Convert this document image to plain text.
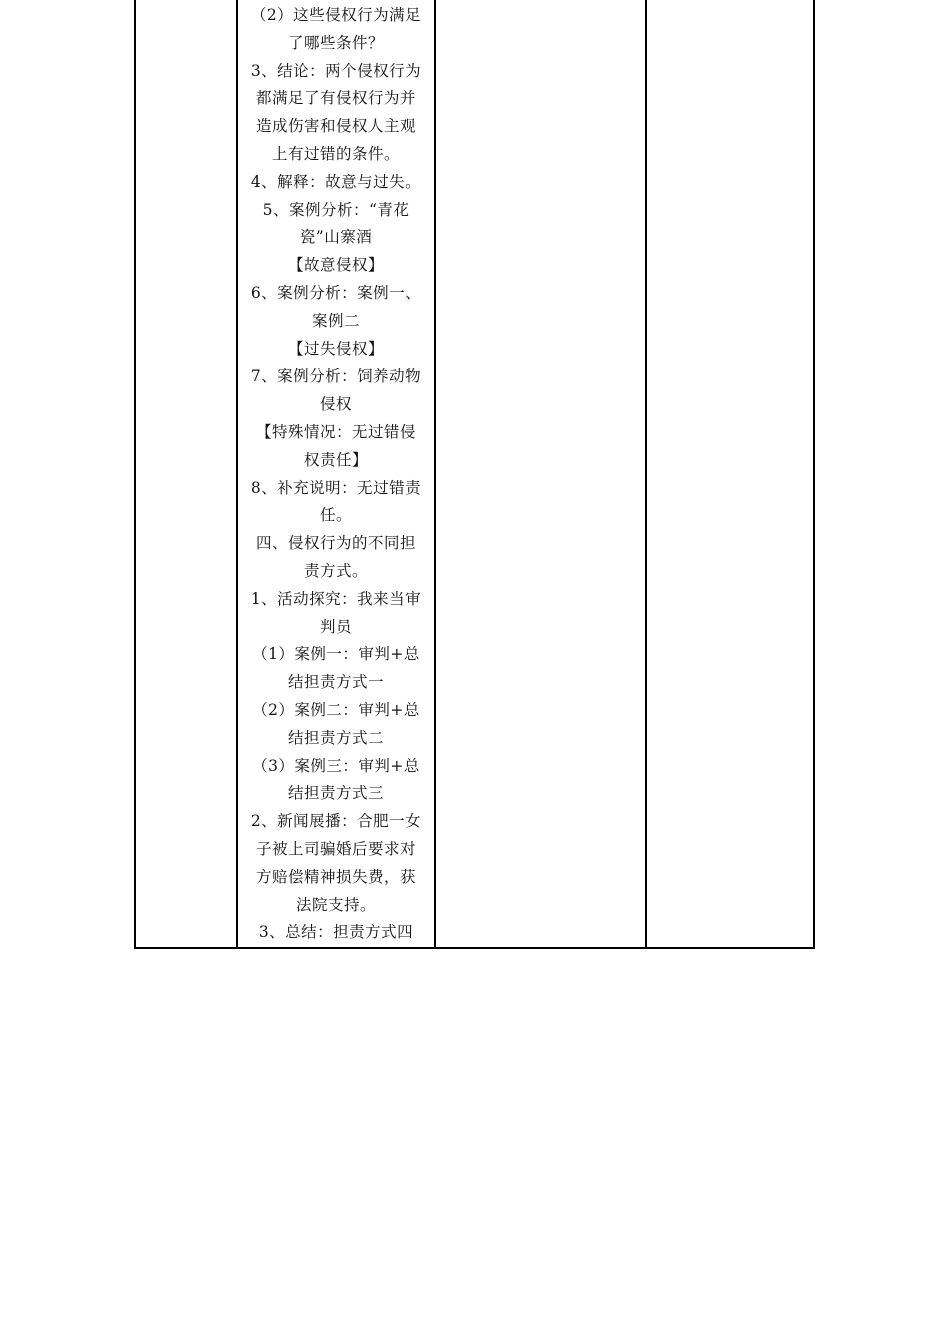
（2）这些侵权行为满足
了哪些条件？
3、结论：两个侵权行为
都满足了有侵权行为并
造成伤害和侵权人主观
上有过错的条件。
4、解释：故意与过失。
5、案例分析：“青花
瓷”山寨酒
【故意侵权】
6、案例分析：案例一、
案例二
【过失侵权】
7、案例分析：饲养动物
侵权
【特殊情况：无过错侵
权责任】
8、补充说明：无过错责
任。
四、侵权行为的不同担
责方式。
1、活动探究：我来当审
判员
（1）案例一：审判+总
结担责方式一
（2）案例二：审判+总
结担责方式二
（3）案例三：审判+总
结担责方式三
2、新闻展播：合肥一女
子被上司骗婚后要求对
方赔偿精神损失费，获
法院支持。
3、总结：担责方式四
